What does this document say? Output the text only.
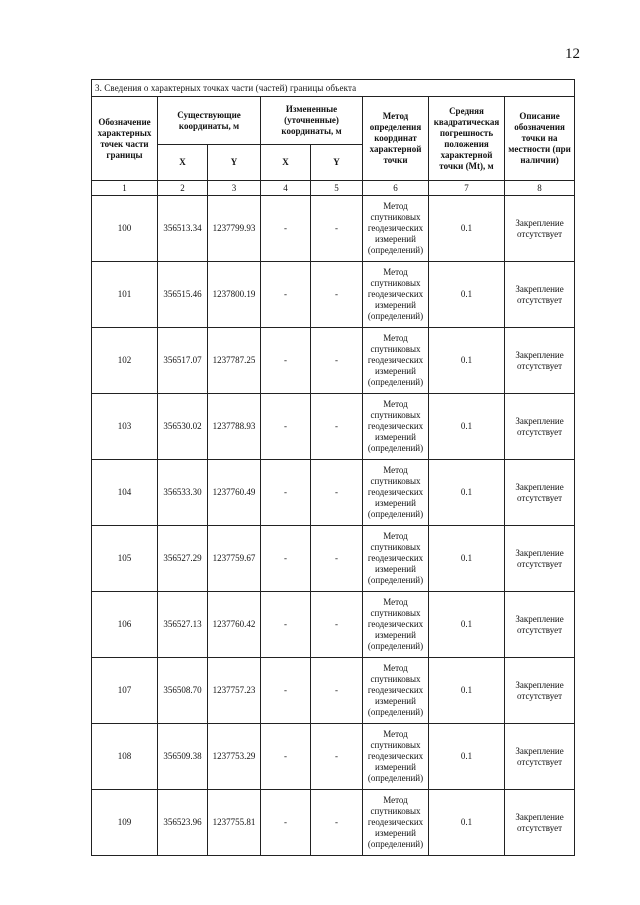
12
3. Сведения о характерных точках части (частей) границы объекта							
Обозначение характерных точек части границы	Существующие координаты, м		Измененные (уточненные) координаты, м		Метод определения координат характерной точки	Средняя квадратическая погрешность положения характерной точки (Mt), м	Описание обозначения точки на местности (при наличии)
	X	Y	X	Y			
1	2	3	4	5	6	7	8
100	356513.34	1237799.93	-	-	Метод спутниковых геодезических измерений (определений)	0.1	Закрепление отсутствует
101	356515.46	1237800.19	-	-	Метод спутниковых геодезических измерений (определений)	0.1	Закрепление отсутствует
102	356517.07	1237787.25	-	-	Метод спутниковых геодезических измерений (определений)	0.1	Закрепление отсутствует
103	356530.02	1237788.93	-	-	Метод спутниковых геодезических измерений (определений)	0.1	Закрепление отсутствует
104	356533.30	1237760.49	-	-	Метод спутниковых геодезических измерений (определений)	0.1	Закрепление отсутствует
105	356527.29	1237759.67	-	-	Метод спутниковых геодезических измерений (определений)	0.1	Закрепление отсутствует
106	356527.13	1237760.42	-	-	Метод спутниковых геодезических измерений (определений)	0.1	Закрепление отсутствует
107	356508.70	1237757.23	-	-	Метод спутниковых геодезических измерений (определений)	0.1	Закрепление отсутствует
108	356509.38	1237753.29	-	-	Метод спутниковых геодезических измерений (определений)	0.1	Закрепление отсутствует
109	356523.96	1237755.81	-	-	Метод спутниковых геодезических измерений (определений)	0.1	Закрепление отсутствует
